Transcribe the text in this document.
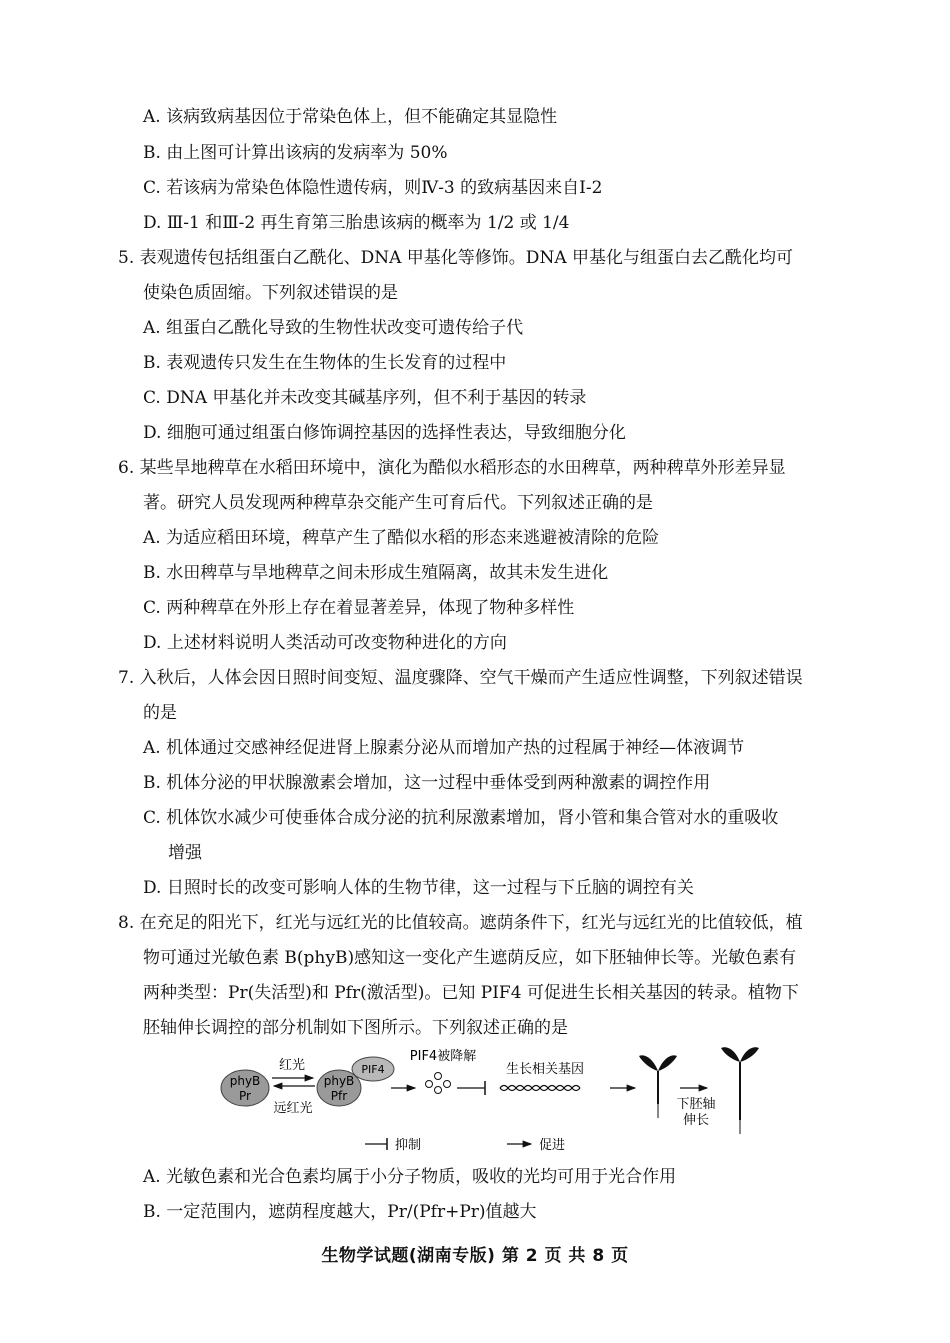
A. 该病致病基因位于常染色体上，但不能确定其显隐性
B. 由上图可计算出该病的发病率为 50%
C. 若该病为常染色体隐性遗传病，则Ⅳ-3 的致病基因来自Ⅰ-2
D. Ⅲ-1 和Ⅲ-2 再生育第三胎患该病的概率为 1/2 或 1/4
5. 表观遗传包括组蛋白乙酰化、DNA 甲基化等修饰。DNA 甲基化与组蛋白去乙酰化均可
使染色质固缩。下列叙述错误的是
A. 组蛋白乙酰化导致的生物性状改变可遗传给子代
B. 表观遗传只发生在生物体的生长发育的过程中
C. DNA 甲基化并未改变其碱基序列，但不利于基因的转录
D. 细胞可通过组蛋白修饰调控基因的选择性表达，导致细胞分化
6. 某些旱地稗草在水稻田环境中，演化为酷似水稻形态的水田稗草，两种稗草外形差异显
著。研究人员发现两种稗草杂交能产生可育后代。下列叙述正确的是
A. 为适应稻田环境，稗草产生了酷似水稻的形态来逃避被清除的危险
B. 水田稗草与旱地稗草之间未形成生殖隔离，故其未发生进化
C. 两种稗草在外形上存在着显著差异，体现了物种多样性
D. 上述材料说明人类活动可改变物种进化的方向
7. 入秋后，人体会因日照时间变短、温度骤降、空气干燥而产生适应性调整，下列叙述错误
的是
A. 机体通过交感神经促进肾上腺素分泌从而增加产热的过程属于神经—体液调节
B. 机体分泌的甲状腺激素会增加，这一过程中垂体受到两种激素的调控作用
C. 机体饮水减少可使垂体合成分泌的抗利尿激素增加，肾小管和集合管对水的重吸收
增强
D. 日照时长的改变可影响人体的生物节律，这一过程与下丘脑的调控有关
8. 在充足的阳光下，红光与远红光的比值较高。遮荫条件下，红光与远红光的比值较低，植
物可通过光敏色素 B(phyB)感知这一变化产生遮荫反应，如下胚轴伸长等。光敏色素有
两种类型：Pr(失活型)和 Pfr(激活型)。已知 PIF4 可促进生长相关基因的转录。植物下
胚轴伸长调控的部分机制如下图所示。下列叙述正确的是
phyB
Pr
红光
远红光
phyB
Pfr
PIF4
PIF4被降解
生长相关基因
下胚轴
伸长
抑制	促进
A. 光敏色素和光合色素均属于小分子物质，吸收的光均可用于光合作用
B. 一定范围内，遮荫程度越大，Pr/(Pfr+Pr)值越大
生物学试题(湖南专版) 第 2 页 共 8 页
